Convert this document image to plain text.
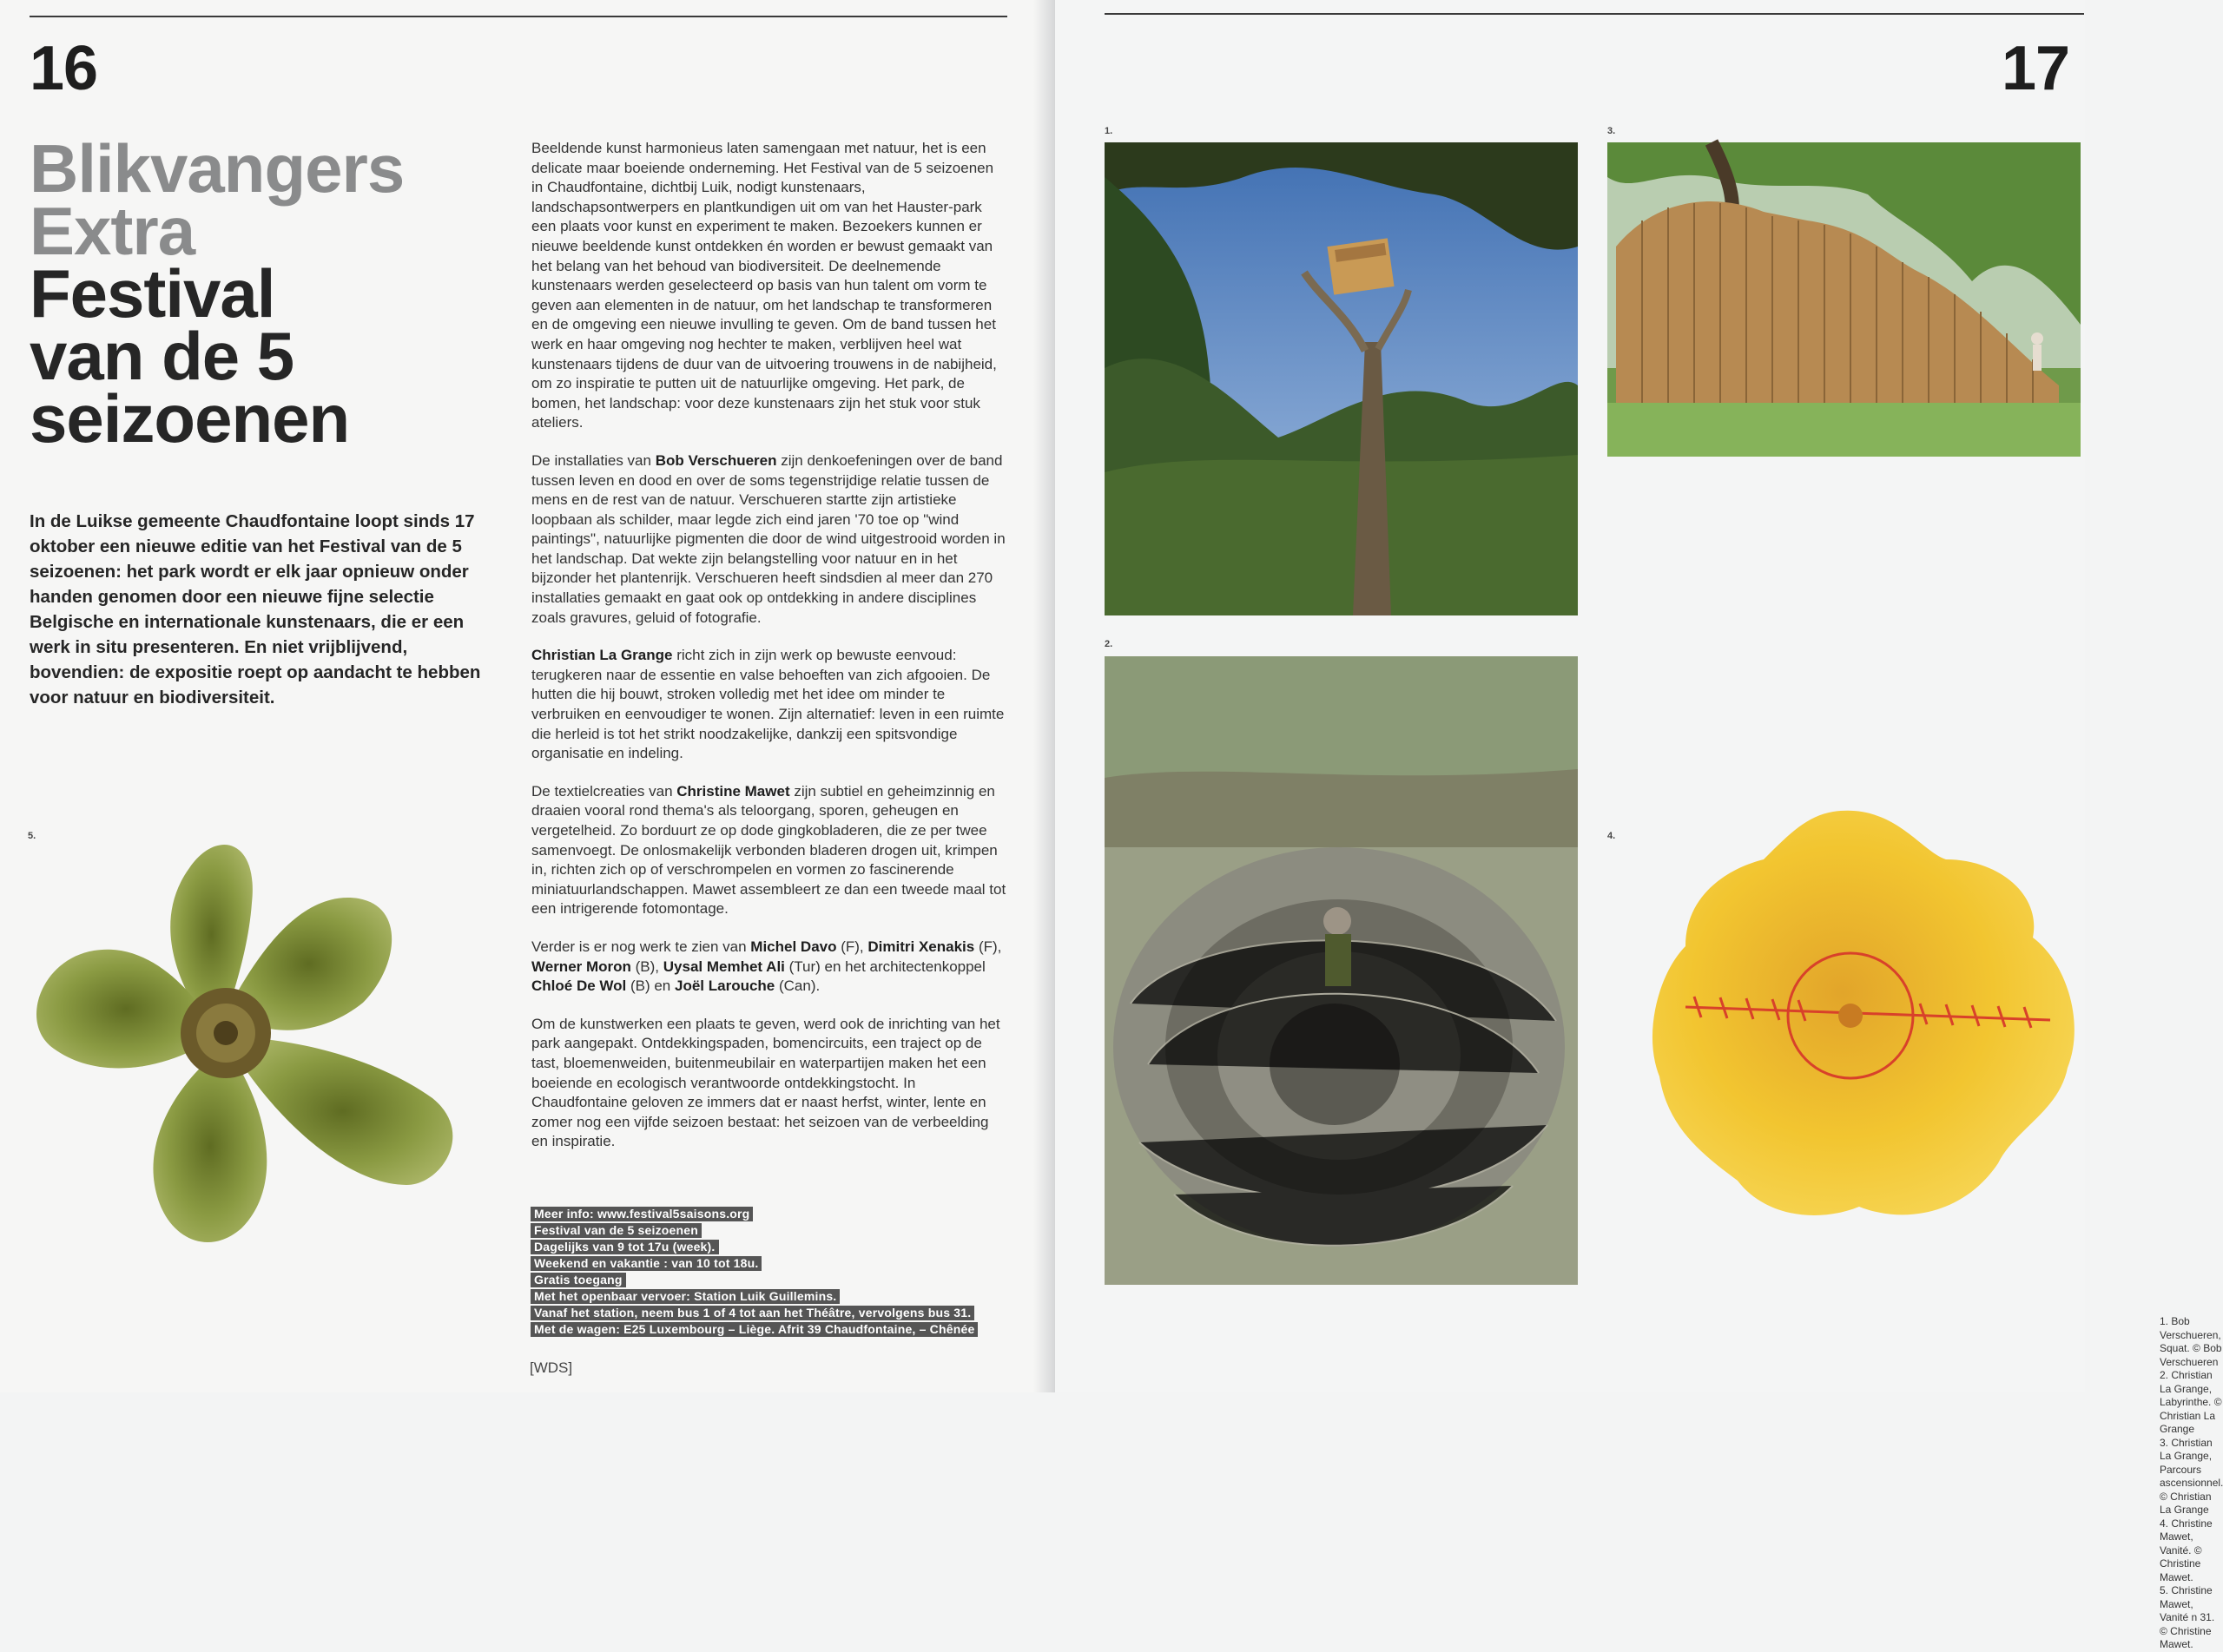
16
Blikvangers
Extra
Festival
van de 5
seizoenen
In de Luikse gemeente Chaudfontaine loopt sinds 17 oktober een nieuwe editie van het Festival van de 5 seizoenen: het park wordt er elk jaar opnieuw onder handen genomen door een nieuwe fijne selectie Belgische en internationale kunstenaars, die er een werk in situ presenteren. En niet vrijblijvend, bovendien: de expositie roept op aandacht te hebben voor natuur en biodiversiteit.
5.

Beeldende kunst harmonieus laten samengaan met natuur, het is een delicate maar boeiende onderneming. Het Festival van de 5 seizoenen in Chaudfontaine, dichtbij Luik, nodigt kunstenaars, landschapsontwerpers en plantkundigen uit om van het Hauster-park een plaats voor kunst en experiment te maken. Bezoekers kunnen er nieuwe beeldende kunst ontdekken én worden er bewust gemaakt van het belang van het behoud van biodiversiteit. De deelnemende kunstenaars werden geselecteerd op basis van hun talent om vorm te geven aan elementen in de natuur, om het landschap te transformeren en de omgeving een nieuwe invulling te geven. Om de band tussen het werk en haar omgeving nog hechter te maken, verblijven heel wat kunstenaars tijdens de duur van de uitvoering trouwens in de nabijheid, om zo inspiratie te putten uit de natuurlijke omgeving. Het park, de bomen, het landschap: voor deze kunstenaars zijn het stuk voor stuk ateliers.

De installaties van Bob Verschueren zijn denkoefeningen over de band tussen leven en dood en over de soms tegenstrijdige relatie tussen de mens en de rest van de natuur. Verschueren startte zijn artistieke loopbaan als schilder, maar legde zich eind jaren '70 toe op "wind paintings", natuurlijke pigmenten die door de wind uitgestrooid worden in het landschap. Dat wekte zijn belangstelling voor natuur en in het bijzonder het plantenrijk. Verschueren heeft sindsdien al meer dan 270 installaties gemaakt en gaat ook op ontdekking in andere disciplines zoals gravures, geluid of fotografie.

Christian La Grange richt zich in zijn werk op bewuste eenvoud: terugkeren naar de essentie en valse behoeften van zich afgooien. De hutten die hij bouwt, stroken volledig met het idee om minder te verbruiken en eenvoudiger te wonen. Zijn alternatief: leven in een ruimte die herleid is tot het strikt noodzakelijke, dankzij een spitsvondige organisatie en indeling.

De textielcreaties van Christine Mawet zijn subtiel en geheimzinnig en draaien vooral rond thema's als teloorgang, sporen, geheugen en vergetelheid. Zo borduurt ze op dode gingkobladeren, die ze per twee samenvoegt. De onlosmakelijk verbonden bladeren drogen uit, krimpen in, richten zich op of verschrompelen en vormen zo fascinerende miniatuurlandschappen. Mawet assembleert ze dan een tweede maal tot een intrigerende fotomontage.

Verder is er nog werk te zien van Michel Davo (F), Dimitri Xenakis (F), Werner Moron (B), Uysal Memhet Ali (Tur) en het architectenkoppel Chloé De Wol (B) en Joël Larouche (Can).

Om de kunstwerken een plaats te geven, werd ook de inrichting van het park aangepakt. Ontdekkingspaden, bomencircuits, een traject op de tast, bloemenweiden, buitenmeubilair en waterpartijen maken het een boeiende en ecologisch verantwoorde ontdekkingstocht. In Chaudfontaine geloven ze immers dat er naast herfst, winter, lente en zomer nog een vijfde seizoen bestaat: het seizoen van de verbeelding en inspiratie.

Meer info: www.festival5saisons.org
Festival van de 5 seizoenen
Dagelijks van 9 tot 17u (week).
Weekend en vakantie : van 10 tot 18u.
Gratis toegang
Met het openbaar vervoer: Station Luik Guillemins.
Vanaf het station, neem bus 1 of 4 tot aan het Théâtre, vervolgens bus 31.
Met de wagen: E25 Luxembourg – Liège. Afrit 39 Chaudfontaine, – Chênée
[WDS]
17
1.
2.
3.
4.
1. Bob Verschueren, Squat. © Bob Verschueren
2. Christian La Grange, Labyrinthe. © Christian La Grange
3. Christian La Grange, Parcours ascensionnel. © Christian La Grange
4. Christine Mawet, Vanité. © Christine Mawet.
5. Christine Mawet, Vanité n 31. © Christine Mawet.
